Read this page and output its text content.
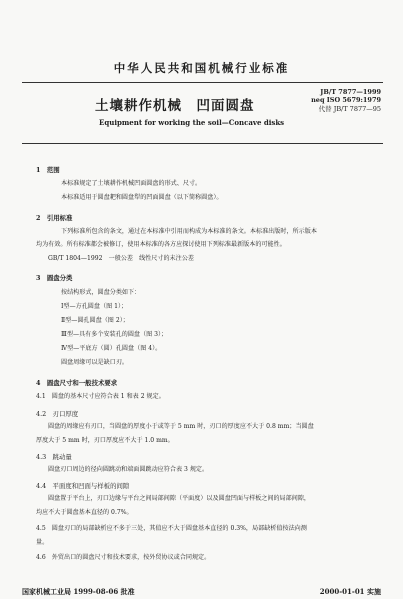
中华人民共和国机械行业标准
JB/T 7877—1999
neq ISO 5679:1979
代替 JB/T 7877—95
土壤耕作机械　凹面圆盘
Equipment for working the soil—Concave disks
1　范围
本标准规定了土壤耕作机械凹面圆盘的形式、尺寸。
本标准适用于圆盘耙和圆盘犁的凹面圆盘（以下简称圆盘）。
2　引用标准
下列标准所包含的条文，通过在本标准中引用而构成为本标准的条文。本标准出版时，所示版本
均为有效。所有标准都会被修订，使用本标准的各方应探讨使用下列标准最新版本的可能性。
GB/T 1804—1992　一般公差　线性尺寸的未注公差
3　圆盘分类
按结构形式，圆盘分类如下：
Ⅰ型—方孔圆盘（图 1）；
Ⅱ型—圆孔圆盘（图 2）；
Ⅲ型—具有多个安装孔的圆盘（图 3）；
Ⅳ型—平底方（圆）孔圆盘（图 4）。
圆盘周缘可以是缺口刃。
4　圆盘尺寸和一般技术要求
4.1　圆盘的基本尺寸应符合表 1 和表 2 规定。
4.2　刃口厚度
圆盘的周缘应有刃口，当圆盘的厚度小于或等于 5 mm 时，刃口的厚度应不大于 0.8 mm；当圆盘
厚度大于 5 mm 时，刃口厚度应不大于 1.0 mm。
4.3　跳动量
圆盘刃口周边的径向圆跳动和端面圆跳动应符合表 3 规定。
4.4　平面度和凹面与样板的间隙
圆盘置于平台上，刃口边缘与平台之间局部间隙（平面度）以及圆盘凹面与样板之间的局部间隙，
均应不大于圆盘基本直径的 0.7%。
4.5　圆盘刃口的局部缺析应不多于三处，其值应不大于圆盘基本直径的 0.3%，局部缺析值按法向测
量。
4.6　外贸出口的圆盘尺寸和技术要求，按外贸协议或合同规定。
国家机械工业局 1999-08-06 批准	2000-01-01 实施
